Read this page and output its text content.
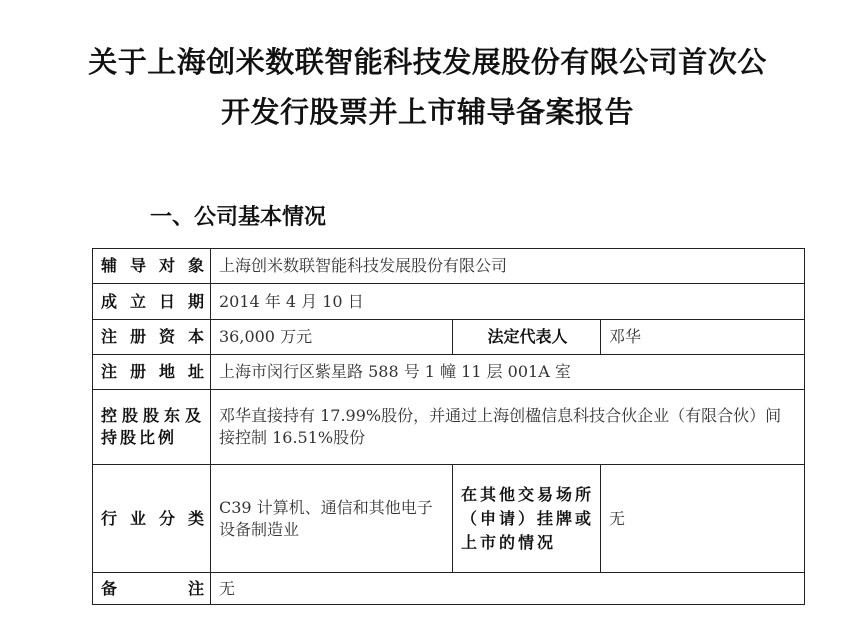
关于上海创米数联智能科技发展股份有限公司首次公
开发行股票并上市辅导备案报告
一、公司基本情况
辅导对象	上海创米数联智能科技发展股份有限公司		

成立日期	2014 年 4 月 10 日		

注册资本	36,000 万元	法定代表人	邓华

注册地址	上海市闵行区紫星路 588 号 1 幢 11 层 001A 室		

控股股东及持股比例	邓华直接持有 17.99%股份，并通过上海创楹信息科技合伙企业（有限合伙）间接控制 16.51%股份		

行业分类	C39 计算机、通信和其他电子设备制造业	在其他交易场所（申请）挂牌或上市的情况	无

备 注	无		
